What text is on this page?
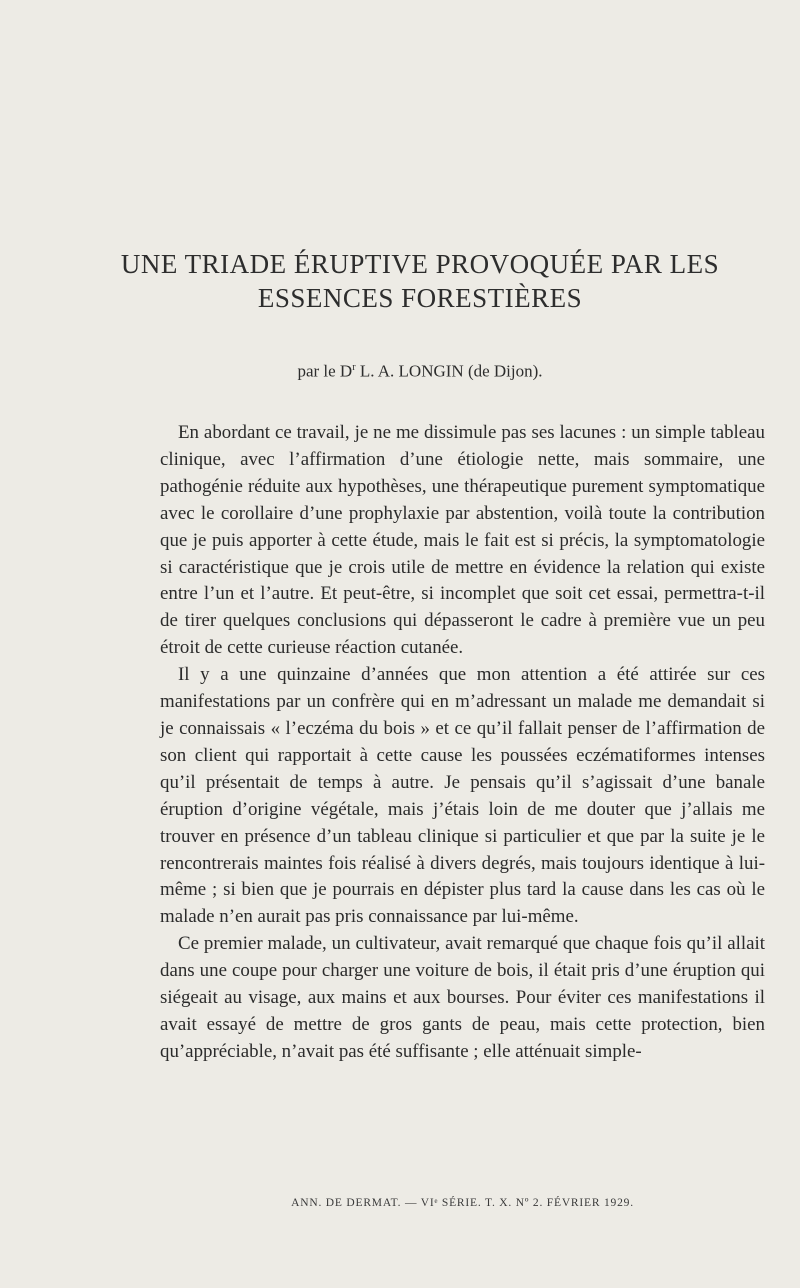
UNE TRIADE ÉRUPTIVE PROVOQUÉE PAR LES
ESSENCES FORESTIÈRES

par le $D^r$ L. A. LONGIN (de Dijon).

En abordant ce travail, je ne me dissimule pas ses lacunes : un simple tableau clinique, avec l’affirmation d’une étiologie nette, mais sommaire, une pathogénie réduite aux hypothèses, une thérapeutique purement symptomatique avec le corollaire d’une prophylaxie par abstention, voilà toute la contribution que je puis apporter à cette étude, mais le fait est si précis, la symptomatologie si caractéristique que je crois utile de mettre en évidence la relation qui existe entre l’un et l’autre. Et peut-être, si incomplet que soit cet essai, permettra-t-il de tirer quelques conclusions qui dépasseront le cadre à première vue un peu étroit de cette curieuse réaction cutanée.

Il y a une quinzaine d’années que mon attention a été attirée sur ces manifestations par un confrère qui en m’adressant un malade me demandait si je connaissais « l’eczéma du bois » et ce qu’il fallait penser de l’affirmation de son client qui rapportait à cette cause les poussées eczématiformes intenses qu’il présentait de temps à autre. Je pensais qu’il s’agissait d’une banale éruption d’origine végétale, mais j’étais loin de me douter que j’allais me trouver en présence d’un tableau clinique si particulier et que par la suite je le rencontrerais maintes fois réalisé à divers degrés, mais toujours identique à lui-même ; si bien que je pourrais en dépister plus tard la cause dans les cas où le malade n’en aurait pas pris connaissance par lui-même.

Ce premier malade, un cultivateur, avait remarqué que chaque fois qu’il allait dans une coupe pour charger une voiture de bois, il était pris d’une éruption qui siégeait au visage, aux mains et aux bourses. Pour éviter ces manifestations il avait essayé de mettre de gros gants de peau, mais cette protection, bien qu’appréciable, n’avait pas été suffisante ; elle atténuait simple-

ANN. DE DERMAT. — VIᵉ SÉRIE. T. X. Nº 2. FÉVRIER 1929.
